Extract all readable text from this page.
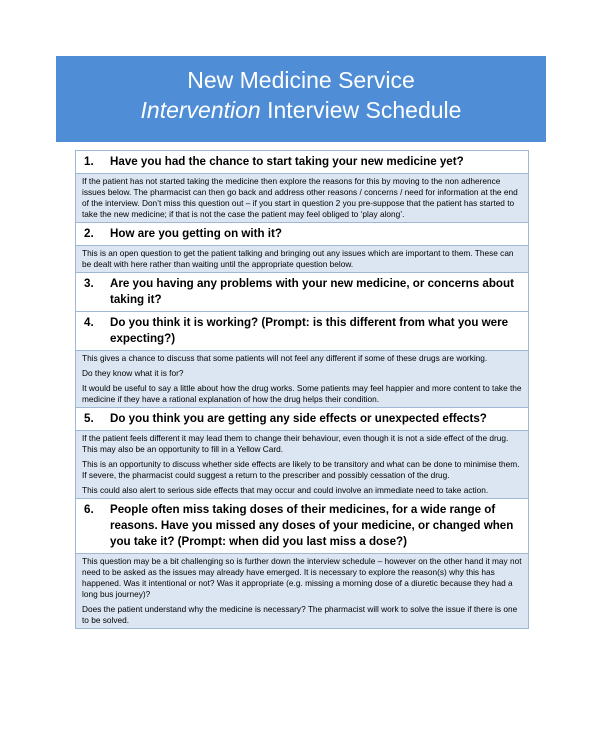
New Medicine Service
Intervention Interview Schedule
1.	Have you had the chance to start taking your new medicine yet?

If the patient has not started taking the medicine then explore the reasons for this by moving to the non adherence issues below. The pharmacist can then go back and address other reasons / concerns / need for information at the end of the interview. Don’t miss this question out – if you start in question 2 you pre-suppose that the patient has started to take the new medicine; if that is not the case the patient may feel obliged to ‘play along’.

2.	How are you getting on with it?

This is an open question to get the patient talking and bringing out any issues which are important to them. These can be dealt with here rather than waiting until the appropriate question below.

3.	Are you having any problems with your new medicine, or concerns about taking it?
4.	Do you think it is working? (Prompt: is this different from what you were expecting?)

This gives a chance to discuss that some patients will not feel any different if some of these drugs are working.

Do they know what it is for?

It would be useful to say a little about how the drug works. Some patients may feel happier and more content to take the medicine if they have a rational explanation of how the drug helps their condition.

5.	Do you think you are getting any side effects or unexpected effects?

If the patient feels different it may lead them to change their behaviour, even though it is not a side effect of the drug. This may also be an opportunity to fill in a Yellow Card.

This is an opportunity to discuss whether side effects are likely to be transitory and what can be done to minimise them. If severe, the pharmacist could suggest a return to the prescriber and possibly cessation of the drug.

This could also alert to serious side effects that may occur and could involve an immediate need to take action.

6.	People often miss taking doses of their medicines, for a wide range of reasons. Have you missed any doses of your medicine, or changed when you take it? (Prompt: when did you last miss a dose?)

This question may be a bit challenging so is further down the interview schedule – however on the other hand it may not need to be asked as the issues may already have emerged. It is necessary to explore the reason(s) why this has happened. Was it intentional or not? Was it appropriate (e.g. missing a morning dose of a diuretic because they had a long bus journey)?

Does the patient understand why the medicine is necessary? The pharmacist will work to solve the issue if there is one to be solved.
